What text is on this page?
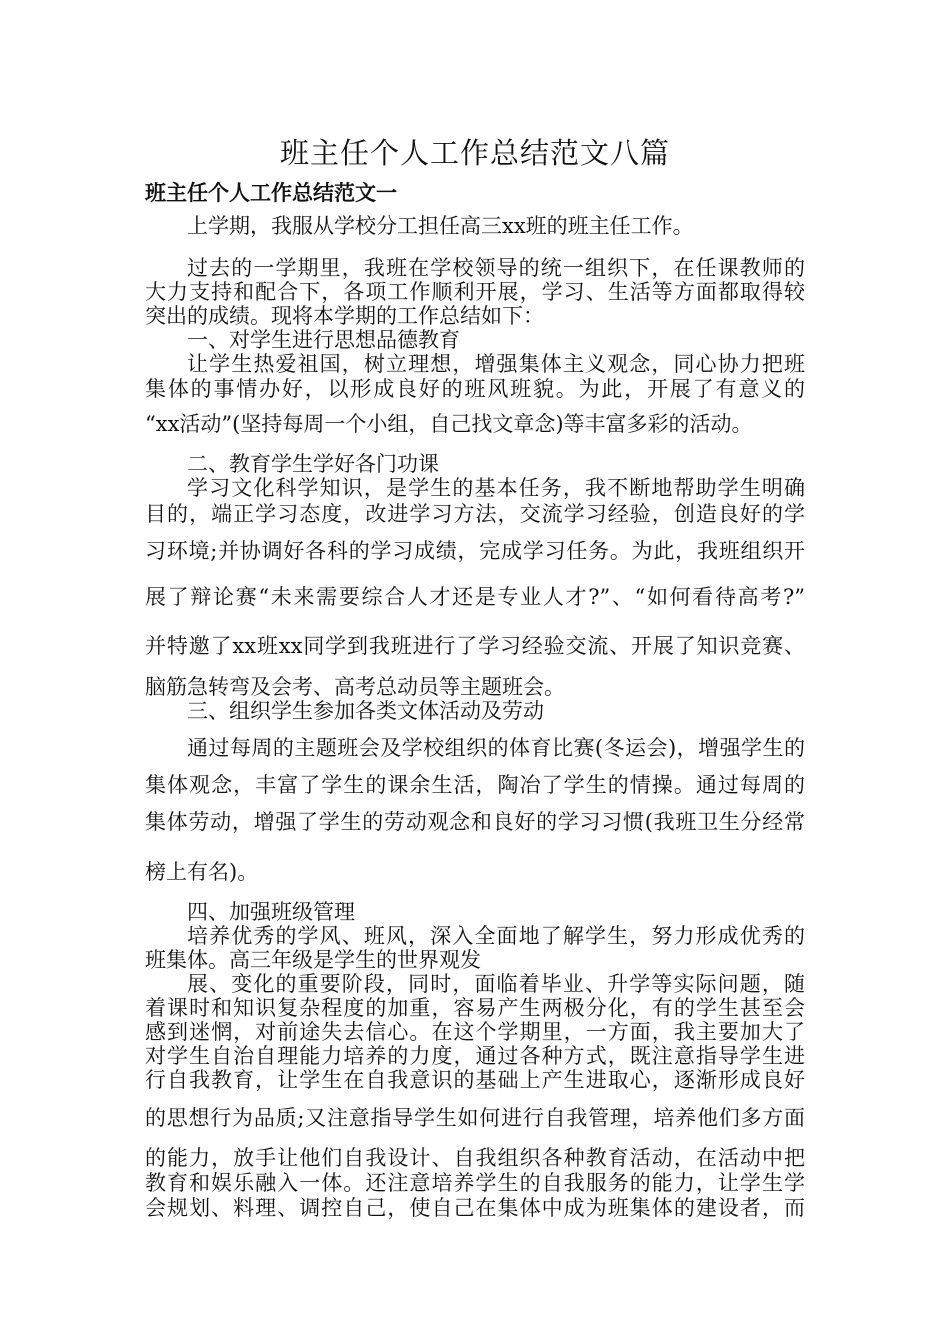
班主任个人工作总结范文八篇
班主任个人工作总结范文一
上学期，我服从学校分工担任高三xx班的班主任工作。
过去的一学期里，我班在学校领导的统一组织下，在任课教师的
大力支持和配合下，各项工作顺利开展，学习、生活等方面都取得较
突出的成绩。现将本学期的工作总结如下：
一、对学生进行思想品德教育
让学生热爱祖国，树立理想，增强集体主义观念，同心协力把班
集体的事情办好，以形成良好的班风班貌。为此，开展了有意义的
“xx活动”(坚持每周一个小组，自己找文章念)等丰富多彩的活动。
二、教育学生学好各门功课
学习文化科学知识，是学生的基本任务，我不断地帮助学生明确
目的，端正学习态度，改进学习方法，交流学习经验，创造良好的学
习环境;并协调好各科的学习成绩，完成学习任务。为此，我班组织开
展了辩论赛“未来需要综合人才还是专业人才?”、“如何看待高考?”
并特邀了xx班xx同学到我班进行了学习经验交流、开展了知识竞赛、
脑筋急转弯及会考、高考总动员等主题班会。
三、组织学生参加各类文体活动及劳动
通过每周的主题班会及学校组织的体育比赛(冬运会)，增强学生的
集体观念，丰富了学生的课余生活，陶冶了学生的情操。通过每周的
集体劳动，增强了学生的劳动观念和良好的学习习惯(我班卫生分经常
榜上有名)。
四、加强班级管理
培养优秀的学风、班风，深入全面地了解学生，努力形成优秀的
班集体。高三年级是学生的世界观发
展、变化的重要阶段，同时，面临着毕业、升学等实际问题，随
着课时和知识复杂程度的加重，容易产生两极分化，有的学生甚至会
感到迷惘，对前途失去信心。在这个学期里，一方面，我主要加大了
对学生自治自理能力培养的力度，通过各种方式，既注意指导学生进
行自我教育，让学生在自我意识的基础上产生进取心，逐渐形成良好
的思想行为品质;又注意指导学生如何进行自我管理，培养他们多方面
的能力，放手让他们自我设计、自我组织各种教育活动，在活动中把
教育和娱乐融入一体。还注意培养学生的自我服务的能力，让学生学
会规划、料理、调控自己，使自己在集体中成为班集体的建设者，而
